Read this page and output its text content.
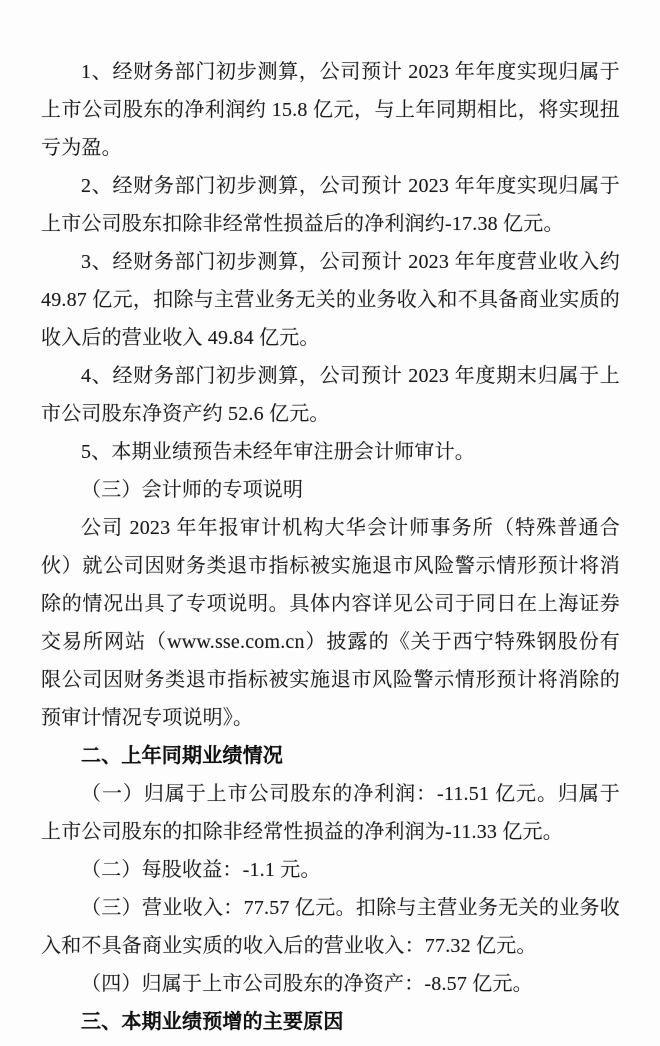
1、经财务部门初步测算，公司预计 2023 年年度实现归属于上市公司股东的净利润约 15.8 亿元，与上年同期相比，将实现扭亏为盈。

2、经财务部门初步测算，公司预计 2023 年年度实现归属于上市公司股东扣除非经常性损益后的净利润约-17.38 亿元。

3、经财务部门初步测算，公司预计 2023 年年度营业收入约 49.87 亿元，扣除与主营业务无关的业务收入和不具备商业实质的收入后的营业收入 49.84 亿元。

4、经财务部门初步测算，公司预计 2023 年度期末归属于上市公司股东净资产约 52.6 亿元。

5、本期业绩预告未经年审注册会计师审计。

（三）会计师的专项说明

公司 2023 年年报审计机构大华会计师事务所（特殊普通合伙）就公司因财务类退市指标被实施退市风险警示情形预计将消除的情况出具了专项说明。具体内容详见公司于同日在上海证券交易所网站（www.sse.com.cn）披露的《关于西宁特殊钢股份有限公司因财务类退市指标被实施退市风险警示情形预计将消除的预审计情况专项说明》。

二、上年同期业绩情况

（一）归属于上市公司股东的净利润：-11.51 亿元。归属于上市公司股东的扣除非经常性损益的净利润为-11.33 亿元。

（二）每股收益：-1.1 元。

（三）营业收入：77.57 亿元。扣除与主营业务无关的业务收入和不具备商业实质的收入后的营业收入：77.32 亿元。

（四）归属于上市公司股东的净资产：-8.57 亿元。

三、本期业绩预增的主要原因
